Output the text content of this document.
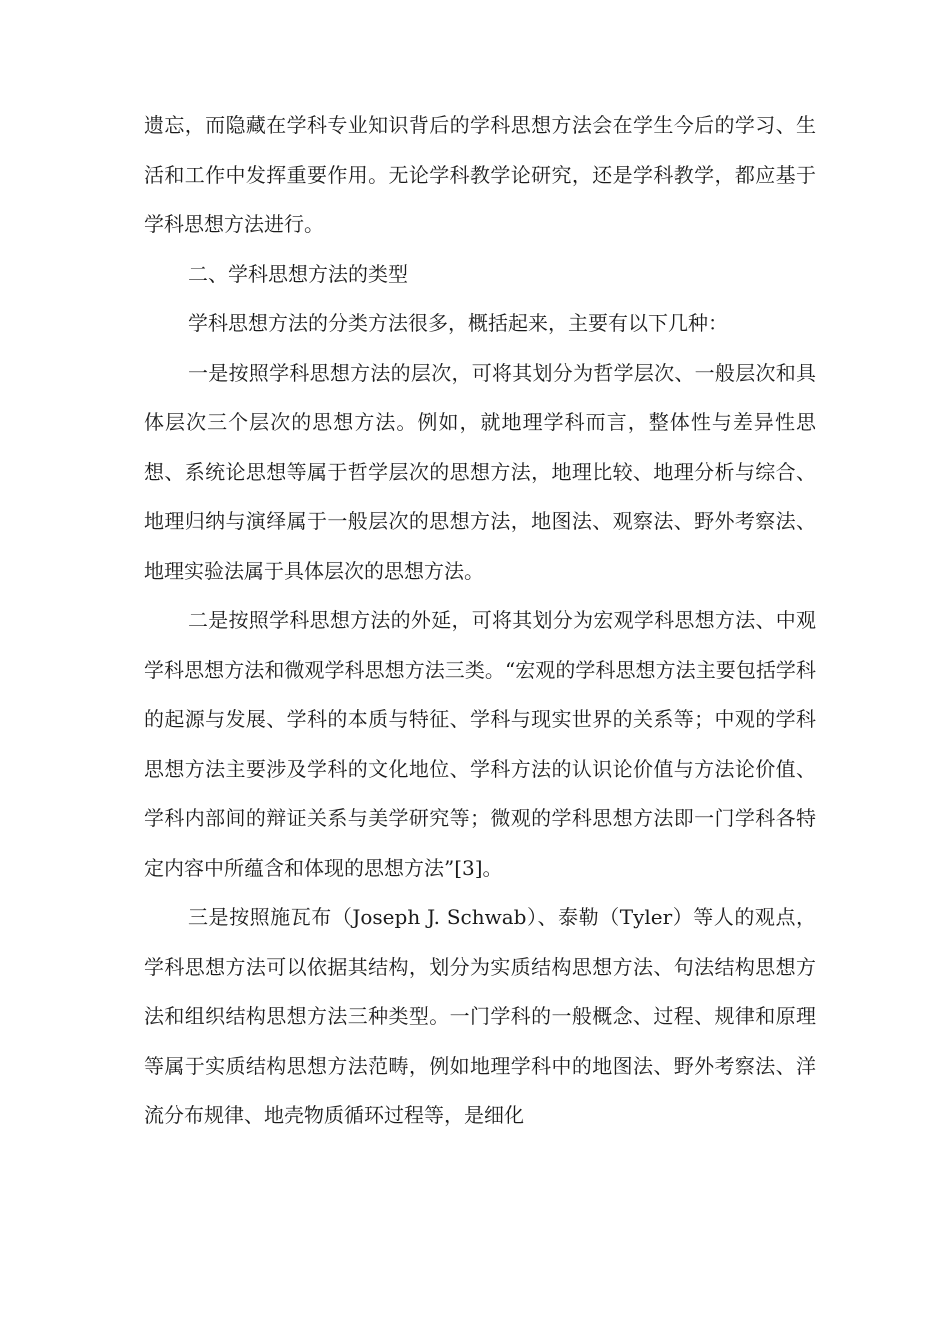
遗忘，而隐藏在学科专业知识背后的学科思想方法会在学生今后的学习、生活和工作中发挥重要作用。无论学科教学论研究，还是学科教学，都应基于学科思想方法进行。

二、学科思想方法的类型

学科思想方法的分类方法很多，概括起来，主要有以下几种：

一是按照学科思想方法的层次，可将其划分为哲学层次、一般层次和具体层次三个层次的思想方法。例如，就地理学科而言，整体性与差异性思想、系统论思想等属于哲学层次的思想方法，地理比较、地理分析与综合、地理归纳与演绎属于一般层次的思想方法，地图法、观察法、野外考察法、地理实验法属于具体层次的思想方法。

二是按照学科思想方法的外延，可将其划分为宏观学科思想方法、中观学科思想方法和微观学科思想方法三类。“宏观的学科思想方法主要包括学科的起源与发展、学科的本质与特征、学科与现实世界的关系等；中观的学科思想方法主要涉及学科的文化地位、学科方法的认识论价值与方法论价值、学科内部间的辩证关系与美学研究等；微观的学科思想方法即一门学科各特定内容中所蕴含和体现的思想方法”[3]。

三是按照施瓦布（Joseph J. Schwab）、泰勒（Tyler）等人的观点，学科思想方法可以依据其结构，划分为实质结构思想方法、句法结构思想方法和组织结构思想方法三种类型。一门学科的一般概念、过程、规律和原理等属于实质结构思想方法范畴，例如地理学科中的地图法、野外考察法、洋流分布规律、地壳物质循环过程等，是细化
